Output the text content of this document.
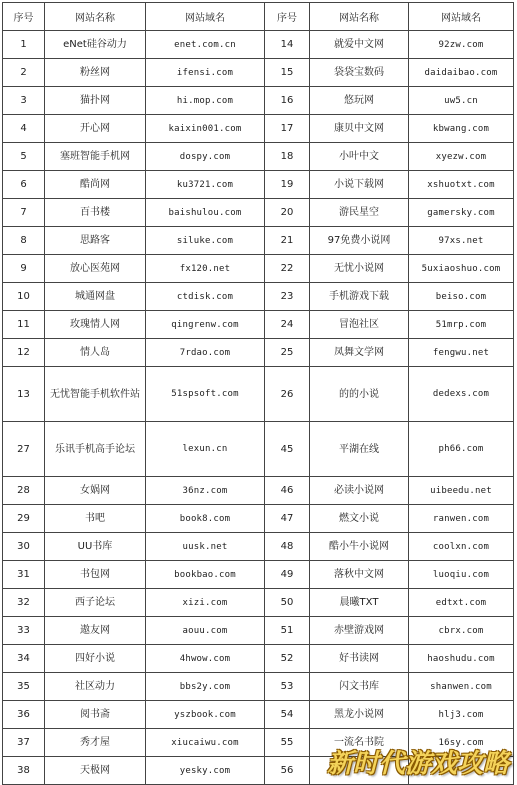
序号	网站名称	网站域名	序号	网站名称	网站域名
1	eNet硅谷动力	enet.com.cn	14	就爱中文网	92zw.com
2	粉丝网	ifensi.com	15	袋袋宝数码	daidaibao.com
3	猫扑网	hi.mop.com	16	悠玩网	uw5.cn
4	开心网	kaixin001.com	17	康贝中文网	kbwang.com
5	塞班智能手机网	dospy.com	18	小叶中文	xyezw.com
6	酷尚网	ku3721.com	19	小说下载网	xshuotxt.com
7	百书楼	baishulou.com	20	游民星空	gamersky.com
8	思路客	siluke.com	21	97免费小说网	97xs.net
9	放心医苑网	fx120.net	22	无忧小说网	5uxiaoshuo.com
10	城通网盘	ctdisk.com	23	手机游戏下载	beiso.com
11	玫瑰情人网	qingrenw.com	24	冒泡社区	51mrp.com
12	情人岛	7rdao.com	25	凤舞文学网	fengwu.net
13	无忧智能手机软件站	51spsoft.com	26	的的小说	dedexs.com
27	乐讯手机高手论坛	lexun.cn	45	平湖在线	ph66.com
28	女娲网	36nz.com	46	必读小说网	uibeedu.net
29	书吧	book8.com	47	燃文小说	ranwen.com
30	UU书库	uusk.net	48	酷小牛小说网	coolxn.com
31	书包网	bookbao.com	49	落秋中文网	luoqiu.com
32	西子论坛	xizi.com	50	晨曦TXT	edtxt.com
33	遨友网	aouu.com	51	赤壁游戏网	cbrx.com
34	四好小说	4hwow.com	52	好书读网	haoshudu.com
35	社区动力	bbs2y.com	53	闪文书库	shanwen.com
36	阅书斋	yszbook.com	54	黑龙小说网	hlj3.com
37	秀才屋	xiucaiwu.com	55	一流名书院	16sy.com
38	天极网	yesky.com	56		新时代游戏攻略
